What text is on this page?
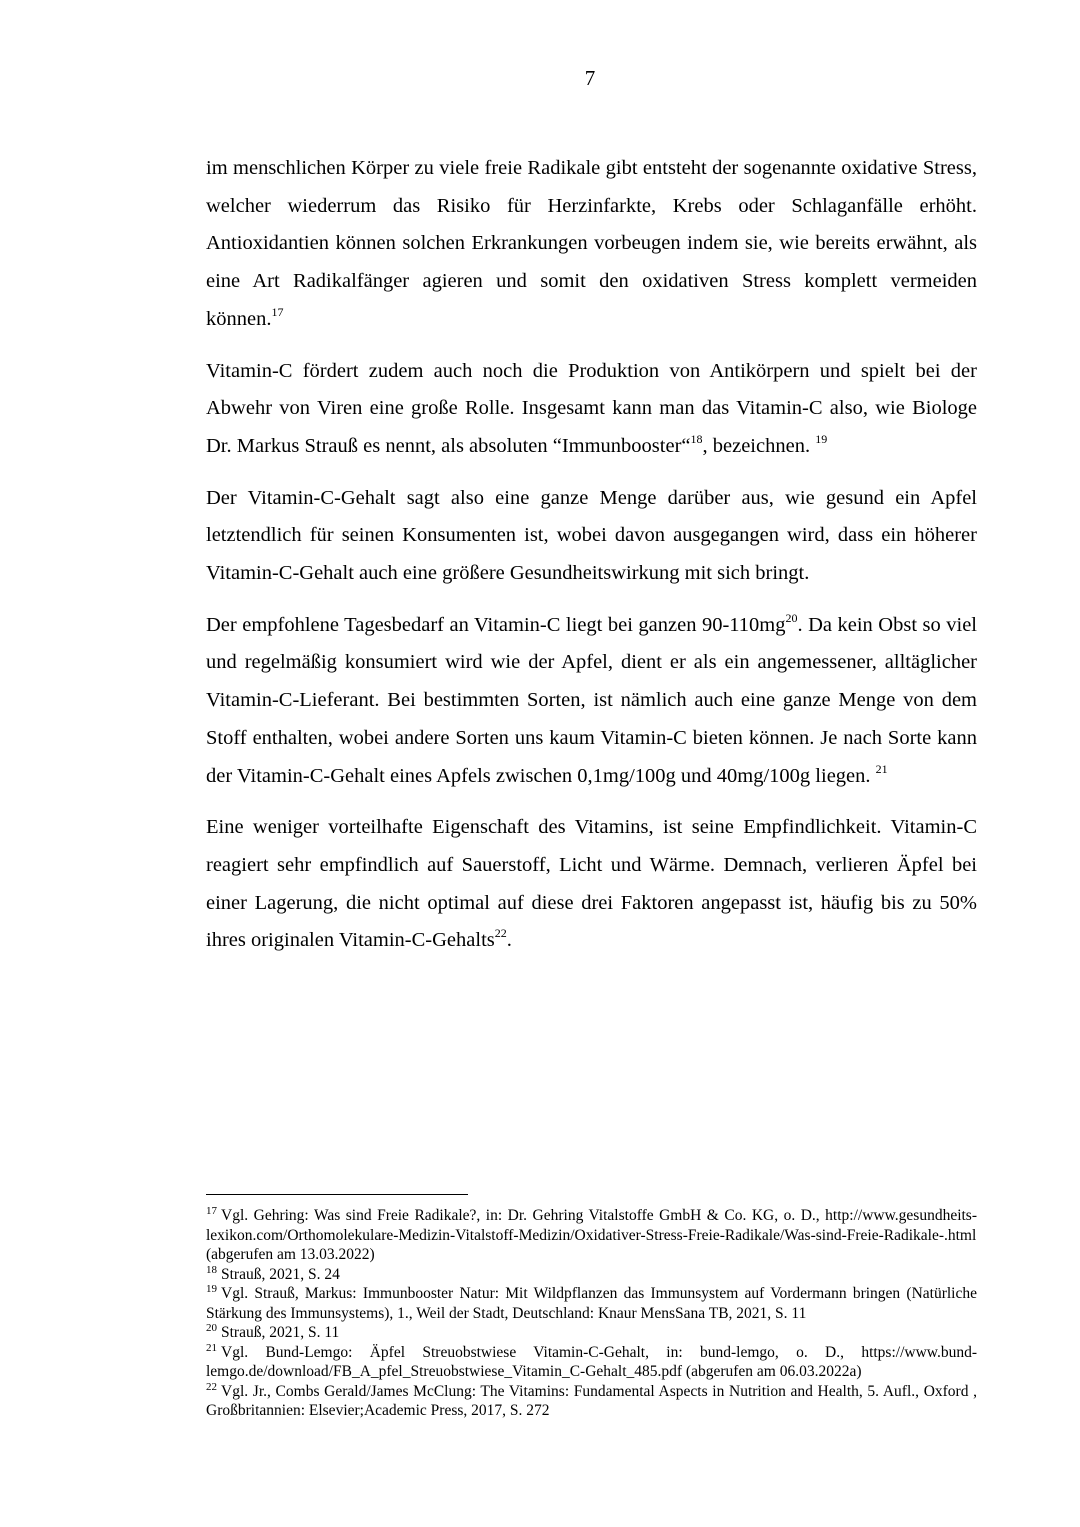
7

im menschlichen Körper zu viele freie Radikale gibt entsteht der sogenannte oxidative Stress, welcher wiederrum das Risiko für Herzinfarkte, Krebs oder Schlaganfälle erhöht. Antioxidantien können solchen Erkrankungen vorbeugen indem sie, wie bereits erwähnt, als eine Art Radikalfänger agieren und somit den oxidativen Stress komplett vermeiden können.$^{17}$

Vitamin-C fördert zudem auch noch die Produktion von Antikörpern und spielt bei der Abwehr von Viren eine große Rolle. Insgesamt kann man das Vitamin-C also, wie Biologe Dr. Markus Strauß es nennt, als absoluten “Immunbooster“$^{18}$, bezeichnen. $^{19}$

Der Vitamin-C-Gehalt sagt also eine ganze Menge darüber aus, wie gesund ein Apfel letztendlich für seinen Konsumenten ist, wobei davon ausgegangen wird, dass ein höherer Vitamin-C-Gehalt auch eine größere Gesundheitswirkung mit sich bringt.

Der empfohlene Tagesbedarf an Vitamin-C liegt bei ganzen $90-110mg^{20}$. Da kein Obst so viel und regelmäßig konsumiert wird wie der Apfel, dient er als ein angemessener, alltäglicher Vitamin-C-Lieferant. Bei bestimmten Sorten, ist nämlich auch eine ganze Menge von dem Stoff enthalten, wobei andere Sorten uns kaum Vitamin-C bieten können. Je nach Sorte kann der Vitamin-C-Gehalt eines Apfels zwischen 0,1mg/100g und 40mg/100g liegen. $^{21}$

Eine weniger vorteilhafte Eigenschaft des Vitamins, ist seine Empfindlichkeit. Vitamin-C reagiert sehr empfindlich auf Sauerstoff, Licht und Wärme. Demnach, verlieren Äpfel bei einer Lagerung, die nicht optimal auf diese drei Faktoren angepasst ist, häufig bis zu 50% ihres originalen Vitamin-C-Gehalts$^{22}$.

$^{17}$ Vgl. Gehring: Was sind Freie Radikale?, in: Dr. Gehring Vitalstoffe GmbH & Co. KG, o. D., http://www.gesundheits-lexikon.com/Orthomolekulare-Medizin-Vitalstoff-Medizin/Oxidativer-Stress-Freie-Radikale/Was-sind-Freie-Radikale-.html (abgerufen am 13.03.2022)

$^{18}$ Strauß, 2021, S. 24

$^{19}$ Vgl. Strauß, Markus: Immunbooster Natur: Mit Wildpflanzen das Immunsystem auf Vordermann bringen (Natürliche Stärkung des Immunsystems), 1., Weil der Stadt, Deutschland: Knaur MensSana TB, 2021, S. 11

$^{20}$ Strauß, 2021, S. 11

$^{21}$ Vgl. Bund-Lemgo: Äpfel Streuobstwiese Vitamin-C-Gehalt, in: bund-lemgo, o. D., https://www.bund-lemgo.de/download/FB_A_pfel_Streuobstwiese_Vitamin_C-Gehalt_485.pdf (abgerufen am 06.03.2022a)

$^{22}$ Vgl. Jr., Combs Gerald/James McClung: The Vitamins: Fundamental Aspects in Nutrition and Health, 5. Aufl., Oxford , Großbritannien: Elsevier;Academic Press, 2017, S. 272
